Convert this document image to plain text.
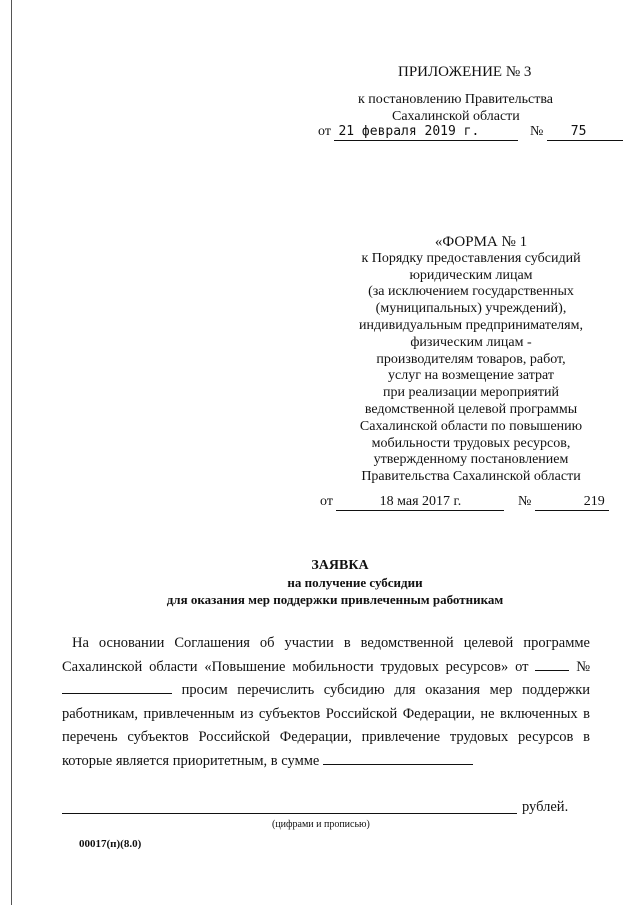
ПРИЛОЖЕНИЕ № 3
к постановлению Правительства
Сахалинской области
от 21 февраля 2019 г.	№ 75
«ФОРМА № 1
к Порядку предоставления субсидий
юридическим лицам
(за исключением государственных
(муниципальных) учреждений),
индивидуальным предпринимателям,
физическим лицам -
производителям товаров, работ,
услуг на возмещение затрат
при реализации мероприятий
ведомственной целевой программы
Сахалинской области по повышению
мобильности трудовых ресурсов,
утвержденному постановлением
Правительства Сахалинской области
от	18 мая 2017 г.	№	219
ЗАЯВКА
на получение субсидии
для оказания мер поддержки привлеченным работникам

На основании Соглашения об участии в ведомственной целевой программе Сахалинской области «Повышение мобильности трудовых ресурсов» от	№  просим перечислить субсидию для оказания мер поддержки работникам, привлеченным из субъектов Российской Федерации, не включенных в перечень субъектов Российской Федерации, привлечение трудовых ресурсов в которые является приоритетным, в сумме

рублей.
(цифрами и прописью)
00017(п)(8.0)
